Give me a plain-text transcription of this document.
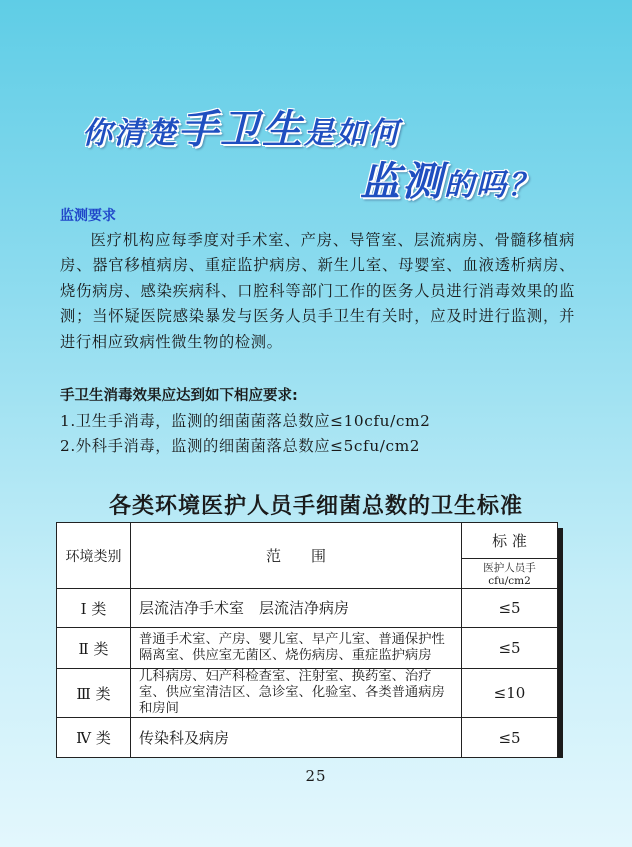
你清楚手卫生是如何
监测的吗？
监测要求
医疗机构应每季度对手术室、产房、导管室、层流病房、骨髓移植病房、器官移植病房、重症监护病房、新生儿室、母婴室、血液透析病房、烧伤病房、感染疾病科、口腔科等部门工作的医务人员进行消毒效果的监测；当怀疑医院感染暴发与医务人员手卫生有关时，应及时进行监测，并进行相应致病性微生物的检测。
手卫生消毒效果应达到如下相应要求:
1.卫生手消毒，监测的细菌菌落总数应≤10cfu/cm2
2.外科手消毒，监测的细菌菌落总数应≤5cfu/cm2
各类环境医护人员手细菌总数的卫生标准
环境类别	范　　围	标 准
		医护人员手cfu/cm2
Ⅰ 类	层流洁净手术室　层流洁净病房	≤5
Ⅱ 类	普通手术室、产房、婴儿室、早产儿室、普通保护性隔离室、供应室无菌区、烧伤病房、重症监护病房	≤5
Ⅲ 类	儿科病房、妇产科检查室、注射室、换药室、治疗室、供应室清洁区、急诊室、化验室、各类普通病房和房间	≤10
Ⅳ 类	传染科及病房	≤5
25
